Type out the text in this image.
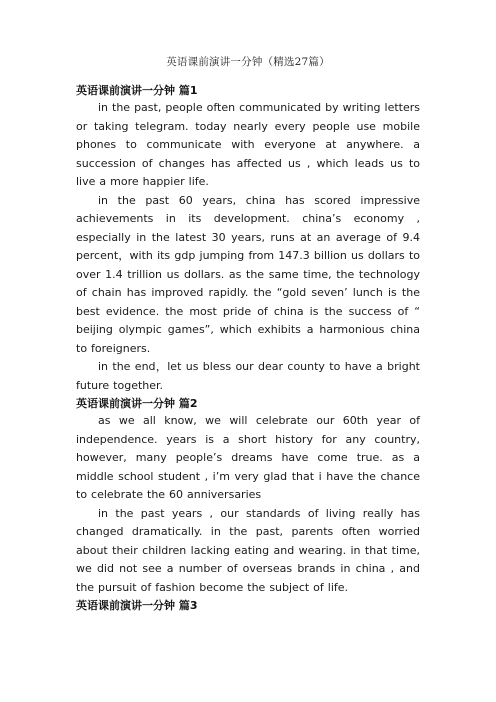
英语课前演讲一分钟（精选27篇）

英语课前演讲一分钟 篇1

in the past, people often communicated by writing letters or taking telegram. today nearly every people use mobile phones to communicate with everyone at anywhere. a succession of changes has affected us , which leads us to live a more happier life.

in the past 60 years, china has scored impressive achievements in its development. china’s economy , especially in the latest 30 years, runs at an average of 9.4 percent，with its gdp jumping from 147.3 billion us dollars to over 1.4 trillion us dollars. as the same time, the technology of chain has improved rapidly. the “gold seven’ lunch is the best evidence. the most pride of china is the success of “ beijing olympic games”, which exhibits a harmonious china to foreigners.

in the end，let us bless our dear county to have a bright future together.

英语课前演讲一分钟 篇2

as we all know, we will celebrate our 60th year of independence. years is a short history for any country, however, many people’s dreams have come true. as a middle school student , i’m very glad that i have the chance to celebrate the 60 anniversaries

in the past years , our standards of living really has changed dramatically. in the past, parents often worried about their children lacking eating and wearing. in that time, we did not see a number of overseas brands in china , and the pursuit of fashion become the subject of life.

英语课前演讲一分钟 篇3
